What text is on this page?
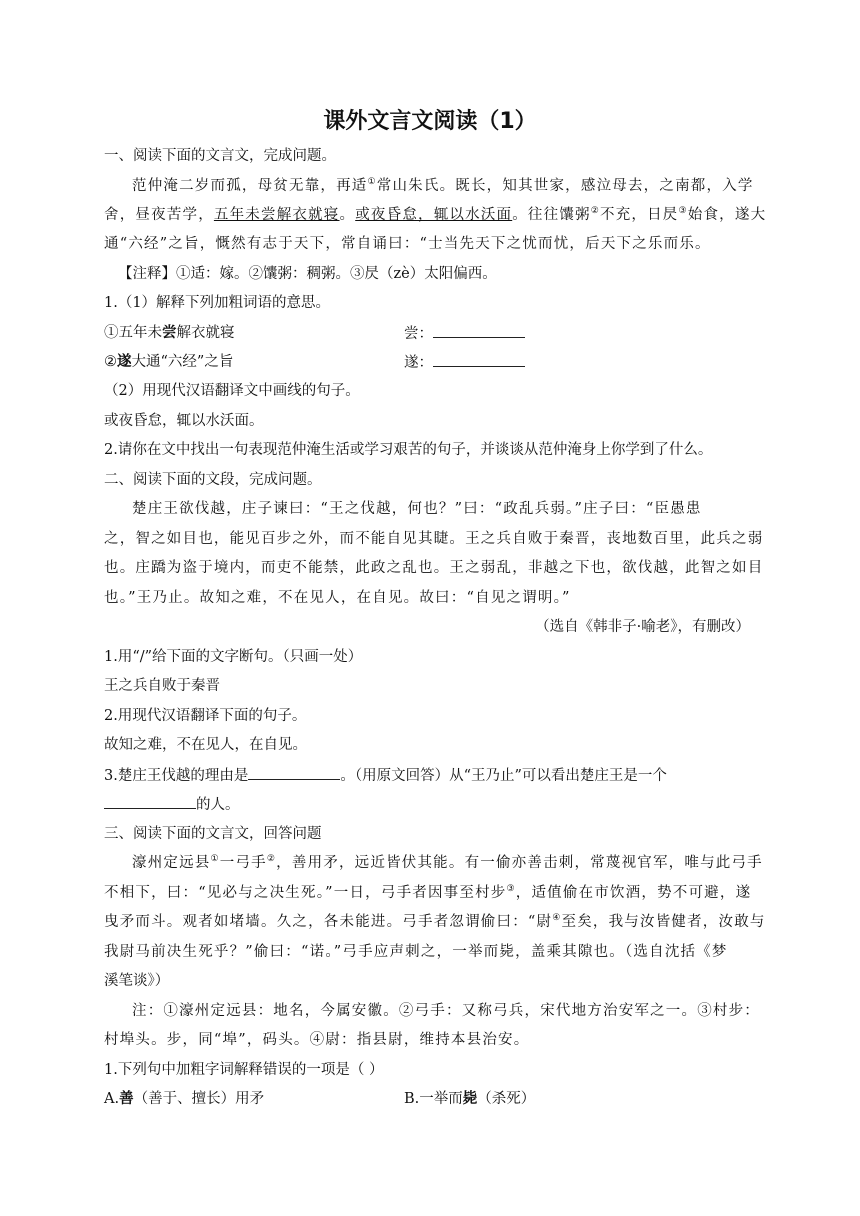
课外文言文阅读（1）
一、阅读下面的文言文，完成问题。
范仲淹二岁而孤，母贫无靠，再适①常山朱氏。既长，知其世家，感泣母去，之南都，入学
舍，昼夜苦学，五年未尝解衣就寝。或夜昏怠，辄以水沃面。往往馕粥②不充，日昃③始食，遂大
通“六经”之旨，慨然有志于天下，常自诵曰：“士当先天下之忧而忧，后天下之乐而乐。
【注释】①适：嫁。②馕粥：稠粥。③昃（zè）太阳偏西。
1.（1）解释下列加粗词语的意思。
①五年未尝解衣就寝	尝：
②遂大通“六经”之旨	遂：
（2）用现代汉语翻译文中画线的句子。
或夜昏怠，辄以水沃面。
2.请你在文中找出一句表现范仲淹生活或学习艰苦的句子，并谈谈从范仲淹身上你学到了什么。
二、阅读下面的文段，完成问题。
楚庄王欲伐越，庄子谏曰：“王之伐越，何也？”曰：“政乱兵弱。”庄子曰：“臣愚患
之，智之如目也，能见百步之外，而不能自见其睫。王之兵自败于秦晋，丧地数百里，此兵之弱
也。庄蹻为盗于境内，而吏不能禁，此政之乱也。王之弱乱，非越之下也，欲伐越，此智之如目
也。”王乃止。故知之难，不在见人，在自见。故曰：“自见之谓明。”
（选自《韩非子·喻老》，有删改）
1.用“/”给下面的文字断句。（只画一处）
王之兵自败于秦晋
2.用现代汉语翻译下面的句子。
故知之难，不在见人，在自见。
3.楚庄王伐越的理由是	。（用原文回答）从“王乃止”可以看出楚庄王是一个
的人。
三、阅读下面的文言文，回答问题
濠州定远县①一弓手②，善用矛，远近皆伏其能。有一偷亦善击刺，常蔑视官军，唯与此弓手
不相下，曰：“见必与之决生死。”一日，弓手者因事至村步③，适值偷在市饮酒，势不可避，遂
曳矛而斗。观者如堵墙。久之，各未能进。弓手者忽谓偷曰：“尉④至矣，我与汝皆健者，汝敢与
我尉马前决生死乎？”偷曰：“诺。”弓手应声刺之，一举而毙，盖乘其隙也。（选自沈括《梦
溪笔谈》）
注：①濠州定远县：地名，今属安徽。②弓手：又称弓兵，宋代地方治安军之一。③村步：
村埠头。步，同“埠”，码头。④尉：指县尉，维持本县治安。
1.下列句中加粗字词解释错误的一项是（ ）
A.善（善于、擅长）用矛	B.一举而毙（杀死）
